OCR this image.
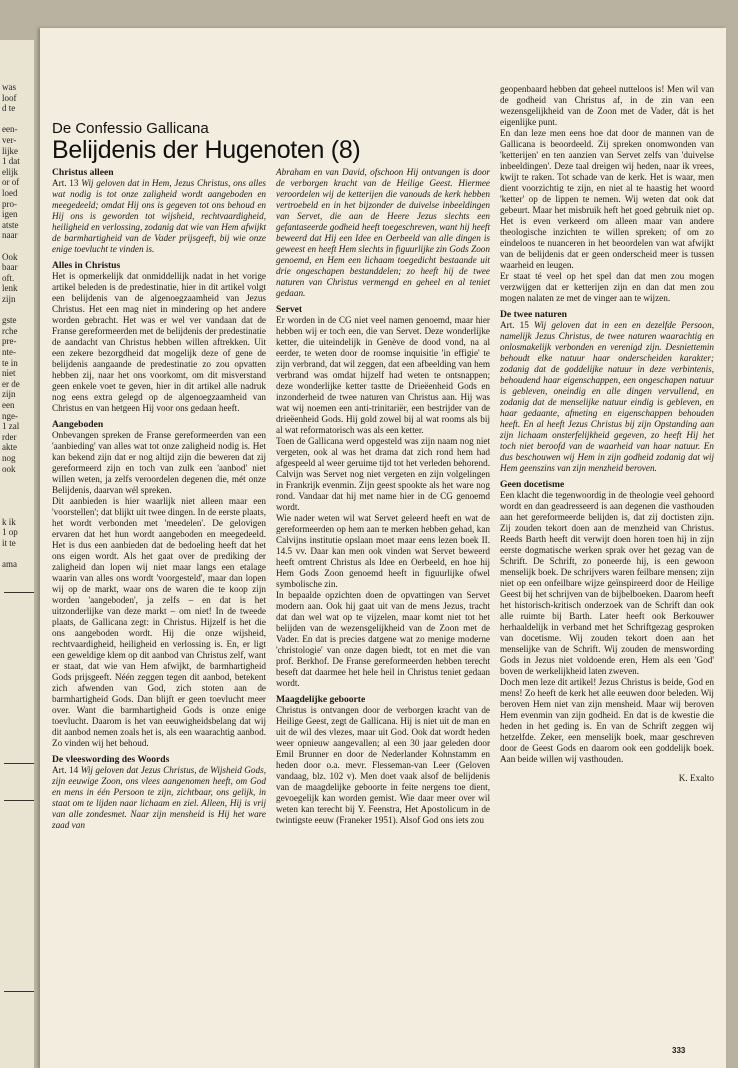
was
loof
d te
een-
ver-
lijke
1 dat
elijk
or of
loed
pro-
igen
atste
naar
Ook
baar
oft.
lenk
zijn
gste
rche
pre-
nte-
te in
niet
er de
zijn
een
nge-
1 zal
rder
akte
nog
ook
k ik
1 op
it te
ama
De Confessio Gallicana
Belijdenis der Hugenoten (8)
Christus alleen

Art. 13 Wij geloven dat in Hem, Jezus Christus, ons alles wat nodig is tot onze zaligheid wordt aangeboden en meegedeeld; omdat Hij ons is gegeven tot ons behoud en Hij ons is geworden tot wijsheid, rechtvaardigheid, heiligheid en verlossing, zodanig dat wie van Hem afwijkt de barmhartigheid van de Vader prijsgeeft, bij wie onze enige toevlucht te vinden is.

Alles in Christus

Het is opmerkelijk dat onmiddellijk nadat in het vorige artikel beleden is de predestinatie, hier in dit artikel volgt een belijdenis van de algenoegzaamheid van Jezus Christus. Het een mag niet in mindering op het andere worden gebracht. Het was er wel ver vandaan dat de Franse gereformeerden met de belijdenis der predestinatie de aandacht van Christus hebben willen aftrekken. Uit een zekere bezorgdheid dat mogelijk deze of gene de belijdenis aangaande de predestinatie zo zou opvatten hebben zij, naar het ons voorkomt, om dit misverstand geen enkele voet te geven, hier in dit artikel alle nadruk nog eens extra gelegd op de algenoegzaamheid van Christus en van hetgeen Hij voor ons gedaan heeft.

Aangeboden

Onbevangen spreken de Franse gereformeerden van een 'aanbieding' van alles wat tot onze zaligheid nodig is. Het kan bekend zijn dat er nog altijd zijn die beweren dat zij gereformeerd zijn en toch van zulk een 'aanbod' niet willen weten, ja zelfs veroordelen degenen die, mét onze Belijdenis, daarvan wél spreken.

Dit aanbieden is hier waarlijk niet alleen maar een 'voorstellen'; dat blijkt uit twee dingen. In de eerste plaats, het wordt verbonden met 'meedelen'. De gelovigen ervaren dat het hun wordt aangeboden en meegedeeld. Het is dus een aanbieden dat de bedoeling heeft dat het ons eigen wordt. Als het gaat over de prediking der zaligheid dan lopen wij niet maar langs een etalage waarin van alles ons wordt 'voorgesteld', maar dan lopen wij op de markt, waar ons de waren die te koop zijn worden 'aangeboden', ja zelfs – en dat is het uitzonderlijke van deze markt – om niet! In de tweede plaats, de Gallicana zegt: in Christus. Hijzelf is het die ons aangeboden wordt. Hij die onze wijsheid, rechtvaardigheid, heiligheid en verlossing is. En, er ligt een geweldige klem op dit aanbod van Christus zelf, want er staat, dat wie van Hem afwijkt, de barmhartigheid Gods prijsgeeft. Néén zeggen tegen dit aanbod, betekent zich afwenden van God, zich stoten aan de barmhartigheid Gods. Dan blijft er geen toevlucht meer over. Want die barmhartigheid Gods is onze enige toevlucht. Daarom is het van eeuwigheidsbelang dat wij dit aanbod nemen zoals het is, als een waarachtig aanbod. Zo vinden wij het behoud.

De vleeswording des Woords

Art. 14 Wij geloven dat Jezus Christus, de Wijsheid Gods, zijn eeuwige Zoon, ons vlees aangenomen heeft, om God en mens in één Persoon te zijn, zichtbaar, ons gelijk, in staat om te lijden naar lichaam en ziel. Alleen, Hij is vrij van alle zondesmet. Naar zijn mensheid is Hij het ware zaad van

Abraham en van David, ofschoon Hij ontvangen is door de verborgen kracht van de Heilige Geest. Hiermee veroordelen wij de ketterijen die vanouds de kerk hebben vertroebeld en in het bijzonder de duivelse inbeeldingen van Servet, die aan de Heere Jezus slechts een gefantaseerde godheid heeft toegeschreven, want hij heeft beweerd dat Hij een Idee en Oerbeeld van alle dingen is geweest en heeft Hem slechts in figuurlijke zin Gods Zoon genoemd, en Hem een lichaam toegedicht bestaande uit drie ongeschapen bestanddelen; zo heeft hij de twee naturen van Christus vermengd en geheel en al teniet gedaan.

Servet

Er worden in de CG niet veel namen genoemd, maar hier hebben wij er toch een, die van Servet. Deze wonderlijke ketter, die uiteindelijk in Genève de dood vond, na al eerder, te weten door de roomse inquisitie 'in effigie' te zijn verbrand, dat wil zeggen, dat een afbeelding van hem verbrand was omdat hijzelf had weten te ontsnappen; deze wonderlijke ketter tastte de Drieëenheid Gods en inzonderheid de twee naturen van Christus aan. Hij was wat wij noemen een anti-trinitariër, een bestrijder van de drieëenheid Gods. Hij gold zowel bij al wat rooms als bij al wat reformatorisch was als een ketter.

Toen de Gallicana werd opgesteld was zijn naam nog niet vergeten, ook al was het drama dat zich rond hem had afgespeeld al weer geruime tijd tot het verleden behorend. Calvijn was Servet nog niet vergeten en zijn volgelingen in Frankrijk evenmin. Zijn geest spookte als het ware nog rond. Vandaar dat hij met name hier in de CG genoemd wordt.

Wie nader weten wil wat Servet geleerd heeft en wat de gereformeerden op hem aan te merken hebben gehad, kan Calvijns institutie opslaan moet maar eens lezen boek II. 14.5 vv. Daar kan men ook vinden wat Servet beweerd heeft omtrent Christus als Idee en Oerbeeld, en hoe hij Hem Gods Zoon genoemd heeft in figuurlijke ofwel symbolische zin.

In bepaalde opzichten doen de opvattingen van Servet modern aan. Ook hij gaat uit van de mens Jezus, tracht dat dan wel wat op te vijzelen, maar komt niet tot het belijden van de wezensgelijkheid van de Zoon met de Vader. En dat is precies datgene wat zo menige moderne 'christologie' van onze dagen biedt, tot en met die van prof. Berkhof. De Franse gereformeerden hebben terecht beseft dat daarmee het hele heil in Christus teniet gedaan wordt.

Maagdelijke geboorte

Christus is ontvangen door de verborgen kracht van de Heilige Geest, zegt de Gallicana. Hij is niet uit de man en uit de wil des vlezes, maar uit God. Ook dat wordt heden weer opnieuw aangevallen; al een 30 jaar geleden door Emil Brunner en door de Nederlander Kohnstamm en heden door o.a. mevr. Flesseman-van Leer (Geloven vandaag, blz. 102 v). Men doet vaak alsof de belijdenis van de maagdelijke geboorte in feite nergens toe dient, gevoegelijk kan worden gemist. Wie daar meer over wil weten kan terecht bij Y. Feenstra, Het Apostolicum in de twintigste eeuw (Franeker 1951). Alsof God ons iets zou

geopenbaard hebben dat geheel nutteloos is! Men wil van de godheid van Christus af, in de zin van een wezensgelijkheid van de Zoon met de Vader, dát is het eigenlijke punt.

En dan leze men eens hoe dat door de mannen van de Gallicana is beoordeeld. Zij spreken onomwonden van 'ketterijen' en ten aanzien van Servet zelfs van 'duivelse inbeeldingen'. Deze taal dreigen wij heden, naar ik vrees, kwijt te raken. Tot schade van de kerk. Het is waar, men dient voorzichtig te zijn, en niet al te haastig het woord 'ketter' op de lippen te nemen. Wij weten dat ook dat gebeurt. Maar het misbruik heft het goed gebruik niet op. Het is even verkeerd om alleen maar van andere theologische inzichten te willen spreken; of om zo eindeloos te nuanceren in het beoordelen van wat afwijkt van de belijdenis dat er geen onderscheid meer is tussen waarheid en leugen.

Er staat té veel op het spel dan dat men zou mogen verzwijgen dat er ketterijen zijn en dan dat men zou mogen nalaten ze met de vinger aan te wijzen.

De twee naturen

Art. 15 Wij geloven dat in een en dezelfde Persoon, namelijk Jezus Christus, de twee naturen waarachtig en onlosmakelijk verbonden en verenigd zijn. Desniettemin behoudt elke natuur haar onderscheiden karakter; zodanig dat de goddelijke natuur in deze verbintenis, behoudend haar eigenschappen, een ongeschapen natuur is gebleven, oneindig en alle dingen vervullend, en zodanig dat de menselijke natuur eindig is gebleven, en haar gedaante, afmeting en eigenschappen behouden heeft. En al heeft Jezus Christus bij zijn Opstanding aan zijn lichaam onsterfelijkheid gegeven, zo heeft Hij het toch niet beroofd van de waarheid van haar natuur. En dus beschouwen wij Hem in zijn godheid zodanig dat wij Hem geenszins van zijn menzheid beroven.

Geen docetisme

Een klacht die tegenwoordig in de theologie veel gehoord wordt en dan geadresseerd is aan degenen die vasthouden aan het gereformeerde belijden is, dat zij doctisten zijn. Zij zouden tekort doen aan de menzheid van Christus. Reeds Barth heeft dit verwijt doen horen toen hij in zijn eerste dogmatische werken sprak over het gezag van de Schrift. De Schrift, zo poneerde hij, is een gewoon menselijk boek. De schrijvers waren feilbare mensen; zijn niet op een onfeilbare wijze geïnspireerd door de Heilige Geest bij het schrijven van de bijbelboeken. Daarom heeft het historisch-kritisch onderzoek van de Schrift dan ook alle ruimte bij Barth. Later heeft ook Berkouwer herhaaldelijk in verband met het Schriftgezag gesproken van docetisme. Wij zouden tekort doen aan het menselijke van de Schrift. Wij zouden de menswording Gods in Jezus niet voldoende eren, Hem als een 'God' boven de werkelijkheid laten zweven.

Doch men leze dit artikel! Jezus Christus is beide, God en mens! Zo heeft de kerk het alle eeuwen door beleden. Wij beroven Hem niet van zijn mensheid. Maar wij beroven Hem evenmin van zijn godheid. En dat is de kwestie die heden in het geding is. En van de Schrift zeggen wij hetzelfde. Zeker, een menselijk boek, maar geschreven door de Geest Gods en daarom ook een goddelijk boek. Aan beide willen wij vasthouden.

K. Exalto

333
